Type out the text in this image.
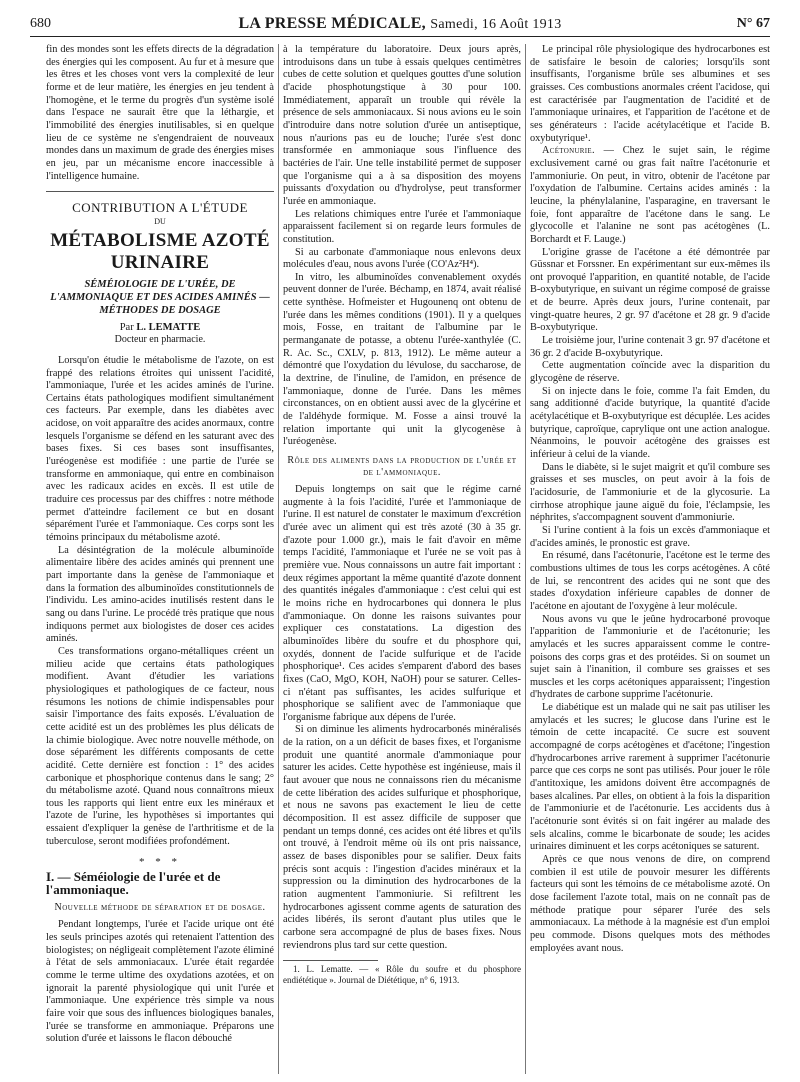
680	LA PRESSE MÉDICALE, Samedi, 16 Août 1913	N° 67

fin des mondes sont les effets directs de la dégradation des énergies qui les composent. Au fur et à mesure que les êtres et les choses vont vers la complexité de leur forme et de leur matière, les énergies en jeu tendent à l'homogène, et le terme du progrès d'un système isolé dans l'espace ne saurait être que la léthargie, et l'immobilité des énergies inutilisables, si en quelque lieu de ce système ne s'engendraient de nouveaux mondes dans un maximum de grade des énergies mises en jeu, par un mécanisme encore inaccessible à l'intelligence humaine.

CONTRIBUTION A L'ÉTUDE
DU
MÉTABOLISME AZOTÉ URINAIRE
SÉMÉIOLOGIE DE L'URÉE, DE L'AMMONIAQUE ET DES ACIDES AMINÉS — MÉTHODES DE DOSAGE
Par L. LEMATTE
Docteur en pharmacie.

Lorsqu'on étudie le métabolisme de l'azote, on est frappé des relations étroites qui unissent l'acidité, l'ammoniaque, l'urée et les acides aminés de l'urine. Certains états pathologiques modifient simultanément ces facteurs. Par exemple, dans les diabètes avec acidose, on voit apparaître des acides anormaux, contre lesquels l'organisme se défend en les saturant avec des bases fixes. Si ces bases sont insuffisantes, l'uréogenèse est modifiée : une partie de l'urée se transforme en ammoniaque, qui entre en combinaison avec les radicaux acides en excès. Il est utile de traduire ces processus par des chiffres : notre méthode permet d'atteindre facilement ce but en dosant séparément l'urée et l'ammoniaque. Ces corps sont les témoins principaux du métabolisme azoté.

La désintégration de la molécule albuminoïde alimentaire libère des acides aminés qui prennent une part importante dans la genèse de l'ammoniaque et dans la formation des albuminoïdes constitutionnels de l'individu. Les amino-acides inutilisés restent dans le sang ou dans l'urine. Le procédé très pratique que nous indiquons permet aux biologistes de doser ces acides aminés.

Ces transformations organo-métalliques créent un milieu acide que certains états pathologiques modifient. Avant d'étudier les variations physiologiques et pathologiques de ce facteur, nous résumons les notions de chimie indispensables pour saisir l'importance des faits exposés. L'évaluation de cette acidité est un des problèmes les plus délicats de la chimie biologique. Avec notre nouvelle méthode, on dose séparément les différents composants de cette acidité. Cette dernière est fonction : 1° des acides carbonique et phosphorique contenus dans le sang; 2° du métabolisme azoté. Quand nous connaîtrons mieux tous les rapports qui lient entre eux les minéraux et l'azote de l'urine, les hypothèses si importantes qui essaient d'expliquer la genèse de l'arthritisme et de la tuberculose, seront modifiées profondément.

* * *
I. — Séméiologie de l'urée et de l'ammoniaque.
Nouvelle méthode de séparation et de dosage.

Pendant longtemps, l'urée et l'acide urique ont été les seuls principes azotés qui retenaient l'attention des biologistes; on négligeait complètement l'azote éliminé à l'état de sels ammoniacaux. L'urée était regardée comme le terme ultime des oxydations azotées, et on ignorait la parenté physiologique qui unit l'urée et l'ammoniaque. Une expérience très simple va nous faire voir que sous des influences biologiques banales, l'urée se transforme en ammoniaque. Préparons une solution d'urée et laissons le flacon débouché

à la température du laboratoire. Deux jours après, introduisons dans un tube à essais quelques centimètres cubes de cette solution et quelques gouttes d'une solution d'acide phosphotungstique à 30 pour 100. Immédiatement, apparaît un trouble qui révèle la présence de sels ammoniacaux. Si nous avions eu le soin d'introduire dans notre solution d'urée un antiseptique, nous n'aurions pas eu de louche; l'urée s'est donc transformée en ammoniaque sous l'influence des bactéries de l'air. Une telle instabilité permet de supposer que l'organisme qui a à sa disposition des moyens puissants d'oxydation ou d'hydrolyse, peut transformer l'urée en ammoniaque.

Les relations chimiques entre l'urée et l'ammoniaque apparaissent facilement si on regarde leurs formules de constitution.

Si au carbonate d'ammoniaque nous enlevons deux molécules d'eau, nous avons l'urée (CO'Az²H⁴).

In vitro, les albuminoïdes convenablement oxydés peuvent donner de l'urée. Béchamp, en 1874, avait réalisé cette synthèse. Hofmeister et Hugounenq ont obtenu de l'urée dans les mêmes conditions (1901). Il y a quelques mois, Fosse, en traitant de l'albumine par le permanganate de potasse, a obtenu l'urée-xanthylée (C. R. Ac. Sc., CXLV, p. 813, 1912). Le même auteur a démontré que l'oxydation du lévulose, du saccharose, de la dextrine, de l'inuline, de l'amidon, en présence de l'ammoniaque, donne de l'urée. Dans les mêmes circonstances, on en obtient aussi avec de la glycérine et de l'aldéhyde formique. M. Fosse a ainsi trouvé la relation importante qui unit la glycogenèse à l'uréogenèse.

Rôle des aliments dans la production de l'urée et de l'ammoniaque.

Depuis longtemps on sait que le régime carné augmente à la fois l'acidité, l'urée et l'ammoniaque de l'urine. Il est naturel de constater le maximum d'excrétion d'urée avec un aliment qui est très azoté (30 à 35 gr. d'azote pour 1.000 gr.), mais le fait d'avoir en même temps l'acidité, l'ammoniaque et l'urée ne se voit pas à première vue. Nous connaissons un autre fait important : deux régimes apportant la même quantité d'azote donnent des quantités inégales d'ammoniaque : c'est celui qui est le moins riche en hydrocarbones qui donnera le plus d'ammoniaque. On donne les raisons suivantes pour expliquer ces constatations. La digestion des albuminoïdes libère du soufre et du phosphore qui, oxydés, donnent de l'acide sulfurique et de l'acide phosphorique¹. Ces acides s'emparent d'abord des bases fixes (CaO, MgO, KOH, NaOH) pour se saturer. Celles-ci n'étant pas suffisantes, les acides sulfurique et phosphorique se salifient avec de l'ammoniaque que l'organisme fabrique aux dépens de l'urée.

Si on diminue les aliments hydrocarbonés minéralisés de la ration, on a un déficit de bases fixes, et l'organisme produit une quantité anormale d'ammoniaque pour saturer les acides. Cette hypothèse est ingénieuse, mais il faut avouer que nous ne connaissons rien du mécanisme de cette libération des acides sulfurique et phosphorique, et nous ne savons pas exactement le lieu de cette décomposition. Il est assez difficile de supposer que pendant un temps donné, ces acides ont été libres et qu'ils ont trouvé, à l'endroit même où ils ont pris naissance, assez de bases disponibles pour se salifier. Deux faits précis sont acquis : l'ingestion d'acides minéraux et la suppression ou la diminution des hydrocarbones de la ration augmentent l'ammoniurie. Si refiltrent les hydrocarbones agissent comme agents de saturation des acides libérés, ils seront d'autant plus utiles que le carbone sera accompagné de plus de bases fixes. Nous reviendrons plus tard sur cette question.

1. L. Lematte. — « Rôle du soufre et du phosphore endiététique ». Journal de Diététique, n° 6, 1913.

Le principal rôle physiologique des hydrocarbones est de satisfaire le besoin de calories; lorsqu'ils sont insuffisants, l'organisme brûle ses albumines et ses graisses. Ces combustions anormales créent l'acidose, qui est caractérisée par l'augmentation de l'acidité et de l'ammoniaque urinaires, et l'apparition de l'acétone et de ses générateurs : l'acide acétylacétique et l'acide B. oxybutyrique¹.

Acétonurie. — Chez le sujet sain, le régime exclusivement carné ou gras fait naître l'acétonurie et l'ammoniurie. On peut, in vitro, obtenir de l'acétone par l'oxydation de l'albumine. Certains acides aminés : la leucine, la phénylalanine, l'asparagine, en traversant le foie, font apparaître de l'acétone dans le sang. Le glycocolle et l'alanine ne sont pas acétogènes (L. Borchardt et F. Lauge.)

L'origine grasse de l'acétone a été démontrée par Güssnar et Forssner. En expérimentant sur eux-mêmes ils ont provoqué l'apparition, en quantité notable, de l'acide B-oxybutyrique, en suivant un régime composé de graisse et de beurre. Après deux jours, l'urine contenait, par vingt-quatre heures, 2 gr. 97 d'acétone et 28 gr. 9 d'acide B-oxybutyrique.

Le troisième jour, l'urine contenait 3 gr. 97 d'acétone et 36 gr. 2 d'acide B-oxybutyrique.

Cette augmentation coïncide avec la disparition du glycogène de réserve.

Si on injecte dans le foie, comme l'a fait Emden, du sang additionné d'acide butyrique, la quantité d'acide acétylacétique et B-oxybutyrique est décuplée. Les acides butyrique, caproïque, caprylique ont une action analogue. Néanmoins, le pouvoir acétogène des graisses est inférieur à celui de la viande.

Dans le diabète, si le sujet maigrit et qu'il combure ses graisses et ses muscles, on peut avoir à la fois de l'acidosurie, de l'ammoniurie et de la glycosurie. La cirrhose atrophique jaune aiguë du foie, l'éclampsie, les néphrites, s'accompagnent souvent d'ammoniurie.

Si l'urine contient à la fois un excès d'ammoniaque et d'acides aminés, le pronostic est grave.

En résumé, dans l'acétonurie, l'acétone est le terme des combustions ultimes de tous les corps acétogènes. A côté de lui, se rencontrent des acides qui ne sont que des stades d'oxydation inférieure capables de donner de l'acétone en ajoutant de l'oxygène à leur molécule.

Nous avons vu que le jeûne hydrocarboné provoque l'apparition de l'ammoniurie et de l'acétonurie; les amylacés et les sucres apparaissent comme le contre-poisons des corps gras et des protéides. Si on soumet un sujet sain à l'inanition, il combure ses graisses et ses muscles et les corps acétoniques apparaissent; l'ingestion d'hydrates de carbone supprime l'acétonurie.

Le diabétique est un malade qui ne sait pas utiliser les amylacés et les sucres; le glucose dans l'urine est le témoin de cette incapacité. Ce sucre est souvent accompagné de corps acétogènes et d'acétone; l'ingestion d'hydrocarbones arrive rarement à supprimer l'acétonurie parce que ces corps ne sont pas utilisés. Pour jouer le rôle d'antitoxique, les amidons doivent être accompagnés de bases alcalines. Par elles, on obtient à la fois la disparition de l'ammoniurie et de l'acétonurie. Les accidents dus à l'acétonurie sont évités si on fait ingérer au malade des sels alcalins, comme le bicarbonate de soude; les acides urinaires diminuent et les corps acétoniques se saturent.

Après ce que nous venons de dire, on comprend combien il est utile de pouvoir mesurer les différents facteurs qui sont les témoins de ce métabolisme azoté. On dose facilement l'azote total, mais on ne connaît pas de méthode pratique pour séparer l'urée des sels ammoniacaux. La méthode à la magnésie est d'un emploi peu commode. Disons quelques mots des méthodes employées avant nous.
